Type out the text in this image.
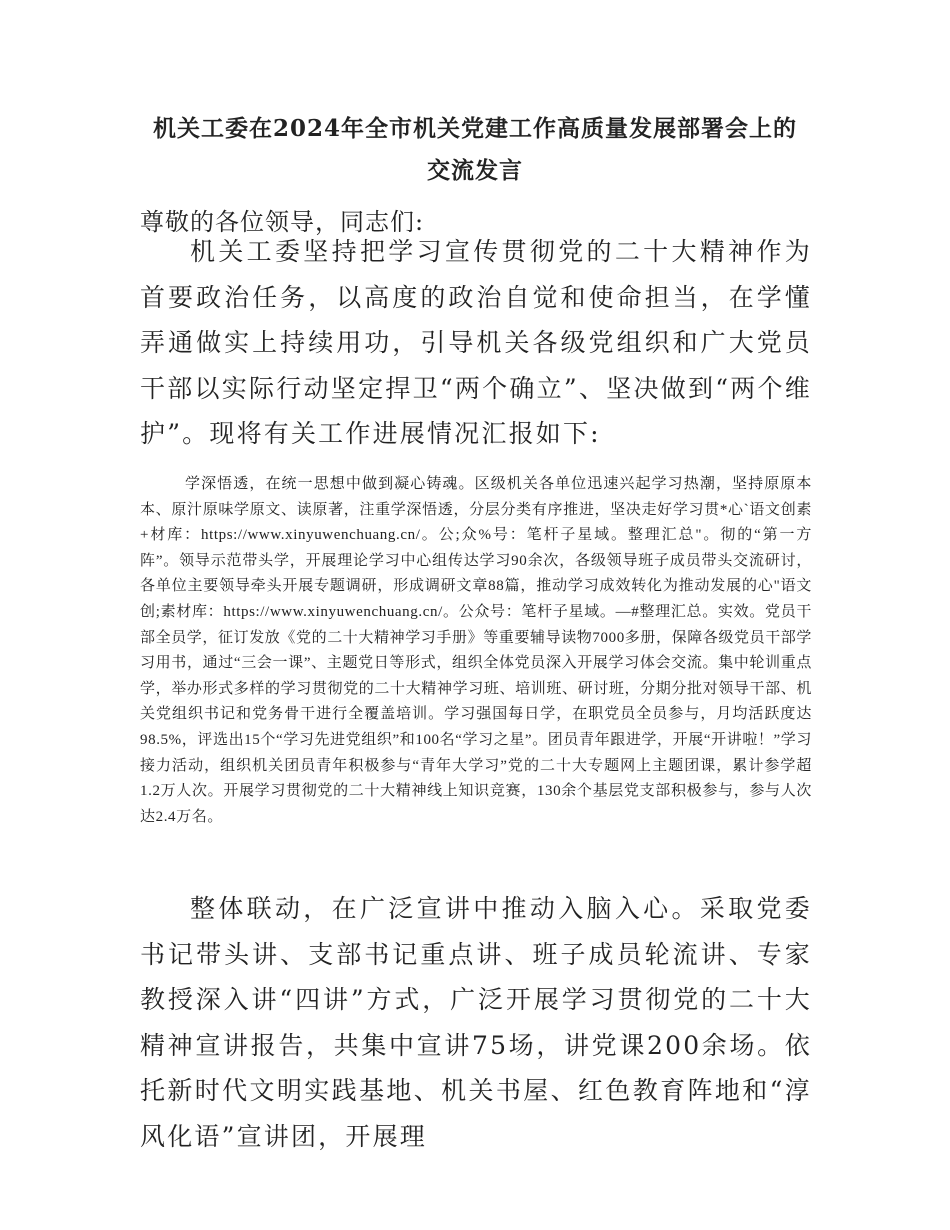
机关工委在2024年全市机关党建工作高质量发展部署会上的
交流发言

尊敬的各位领导，同志们:

机关工委坚持把学习宣传贯彻党的二十大精神作为首要政治任务，以高度的政治自觉和使命担当，在学懂弄通做实上持续用功，引导机关各级党组织和广大党员干部以实际行动坚定捍卫“两个确立”、坚决做到“两个维护”。现将有关工作进展情况汇报如下:

学深悟透，在统一思想中做到凝心铸魂。区级机关各单位迅速兴起学习热潮，坚持原原本本、原汁原味学原文、读原著，注重学深悟透，分层分类有序推进，坚决走好学习贯*心`语文创素+材库：https://www.xinyuwenchuang.cn/。公;众%号：笔杆子星域。整理汇总"。彻的“第一方阵”。领导示范带头学，开展理论学习中心组传达学习90余次，各级领导班子成员带头交流研讨，各单位主要领导牵头开展专题调研，形成调研文章88篇，推动学习成效转化为推动发展的心"语文创;素材库：https://www.xinyuwenchuang.cn/。公众号：笔杆子星域。—#整理汇总。实效。党员干部全员学，征订发放《党的二十大精神学习手册》等重要辅导读物7000多册，保障各级党员干部学习用书，通过“三会一课”、主题党日等形式，组织全体党员深入开展学习体会交流。集中轮训重点学，举办形式多样的学习贯彻党的二十大精神学习班、培训班、研讨班，分期分批对领导干部、机关党组织书记和党务骨干进行全覆盖培训。学习强国每日学，在职党员全员参与，月均活跃度达98.5%，评选出15个“学习先进党组织”和100名“学习之星”。团员青年跟进学，开展“开讲啦！”学习接力活动，组织机关团员青年积极参与“青年大学习”党的二十大专题网上主题团课，累计参学超1.2万人次。开展学习贯彻党的二十大精神线上知识竞赛，130余个基层党支部积极参与，参与人次达2.4万名。

整体联动，在广泛宣讲中推动入脑入心。采取党委书记带头讲、支部书记重点讲、班子成员轮流讲、专家教授深入讲“四讲”方式，广泛开展学习贯彻党的二十大精神宣讲报告，共集中宣讲75场，讲党课200余场。依托新时代文明实践基地、机关书屋、红色教育阵地和“淳风化语”宣讲团，开展理
